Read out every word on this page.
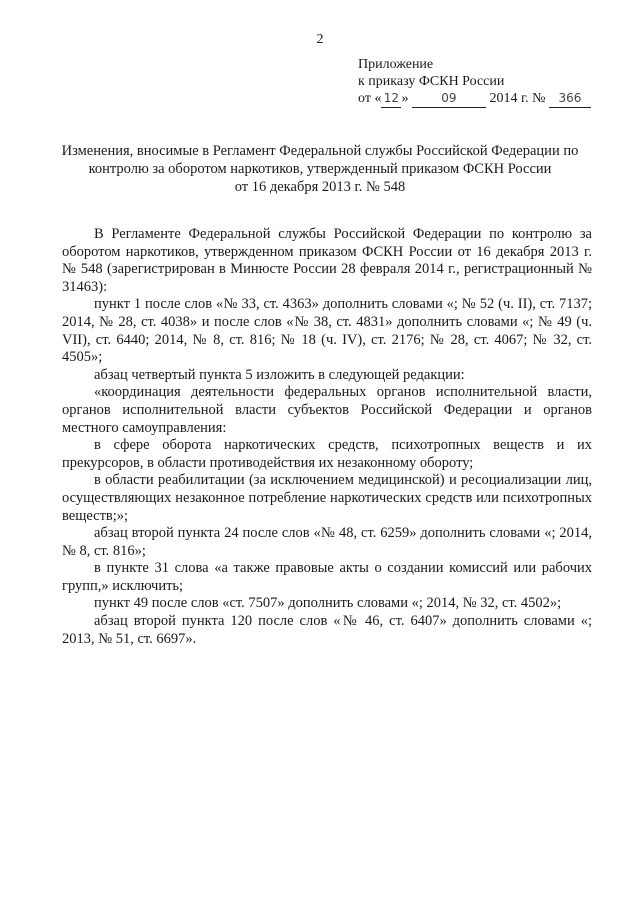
2
Приложение
к приказу ФСКН России
от « 12 »	09 2014 г. № 366
Изменения, вносимые в Регламент Федеральной службы Российской Федерации по
контролю за оборотом наркотиков, утвержденный приказом ФСКН России
от 16 декабря 2013 г. № 548

В Регламенте Федеральной службы Российской Федерации по контролю за оборотом наркотиков, утвержденном приказом ФСКН России от 16 декабря 2013 г. № 548 (зарегистрирован в Минюсте России 28 февраля 2014 г., регистрационный № 31463):

пункт 1 после слов «№ 33, ст. 4363» дополнить словами «; № 52 (ч. II), ст. 7137; 2014, № 28, ст. 4038» и после слов «№ 38, ст. 4831» дополнить словами «; № 49 (ч. VII), ст. 6440; 2014, № 8, ст. 816; № 18 (ч. IV), ст. 2176; № 28, ст. 4067; № 32, ст. 4505»;

абзац четвертый пункта 5 изложить в следующей редакции:

«координация деятельности федеральных органов исполнительной власти, органов исполнительной власти субъектов Российской Федерации и органов местного самоуправления:

в сфере оборота наркотических средств, психотропных веществ и их прекурсоров, в области противодействия их незаконному обороту;

в области реабилитации (за исключением медицинской) и ресоциализации лиц, осуществляющих незаконное потребление наркотических средств или психотропных веществ;»;

абзац второй пункта 24 после слов «№ 48, ст. 6259» дополнить словами «; 2014, № 8, ст. 816»;

в пункте 31 слова «а также правовые акты о создании комиссий или рабочих групп,» исключить;

пункт 49 после слов «ст. 7507» дополнить словами «; 2014, № 32, ст. 4502»;

абзац второй пункта 120 после слов «№ 46, ст. 6407» дополнить словами «; 2013, № 51, ст. 6697».
